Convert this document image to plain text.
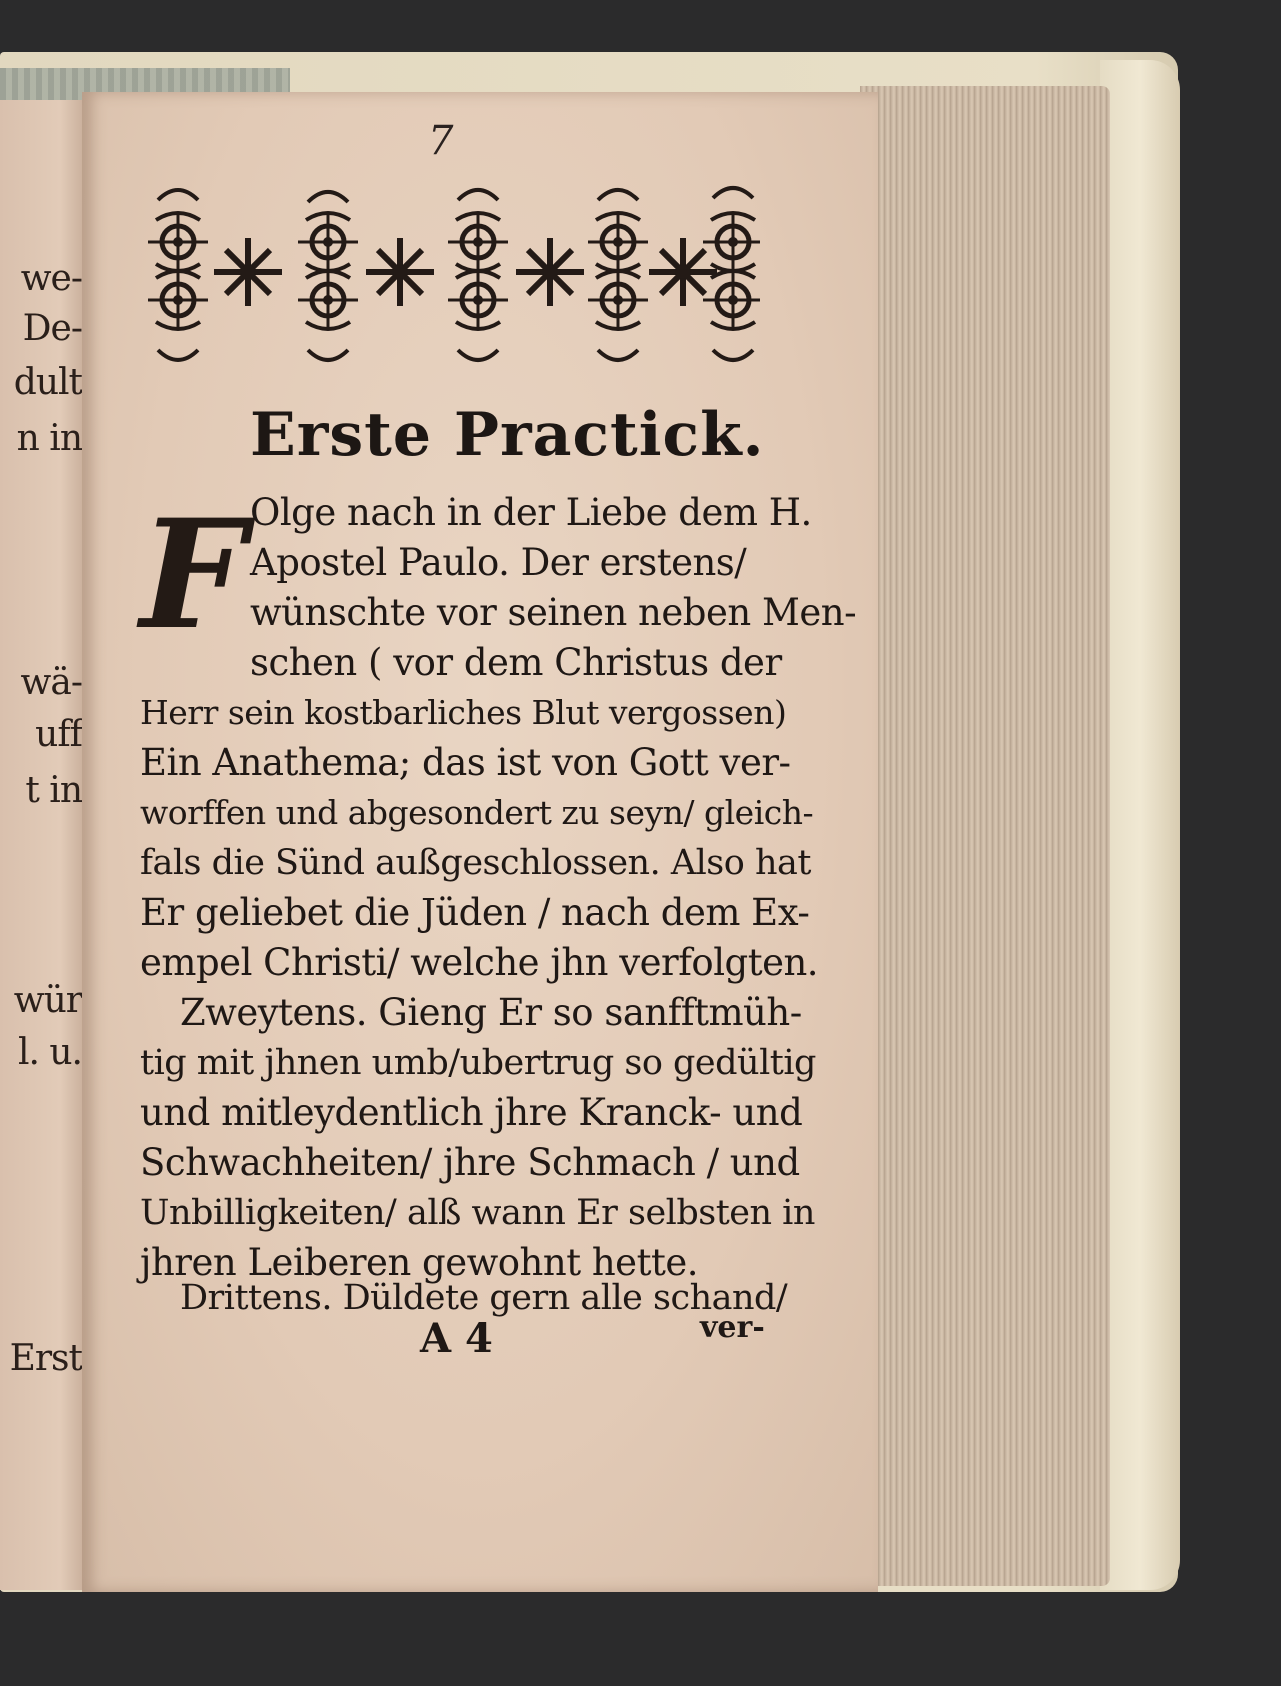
we-
De-
dult
n in
wä-
uff
t in
wür
l. u.
Erst
7
Erste Practick.
F Olge nach in der Liebe dem H.
Apostel Paulo. Der erstens/
wünschte vor seinen neben Men-
schen ( vor dem Christus der
Herr sein kostbarliches Blut vergossen)
Ein Anathema; das ist von Gott ver-
worffen und abgesondert zu seyn/ gleich-
fals die Sünd außgeschlossen. Also hat
Er geliebet die Jüden / nach dem Ex-
empel Christi/ welche jhn verfolgten.
Zweytens. Gieng Er so sanfftmüh-
tig mit jhnen umb/ubertrug so gedültig
und mitleydentlich jhre Kranck- und
Schwachheiten/ jhre Schmach / und
Unbilligkeiten/ alß wann Er selbsten in
jhren Leiberen gewohnt hette.
Drittens. Düldete gern alle schand/
A 4	ver-
